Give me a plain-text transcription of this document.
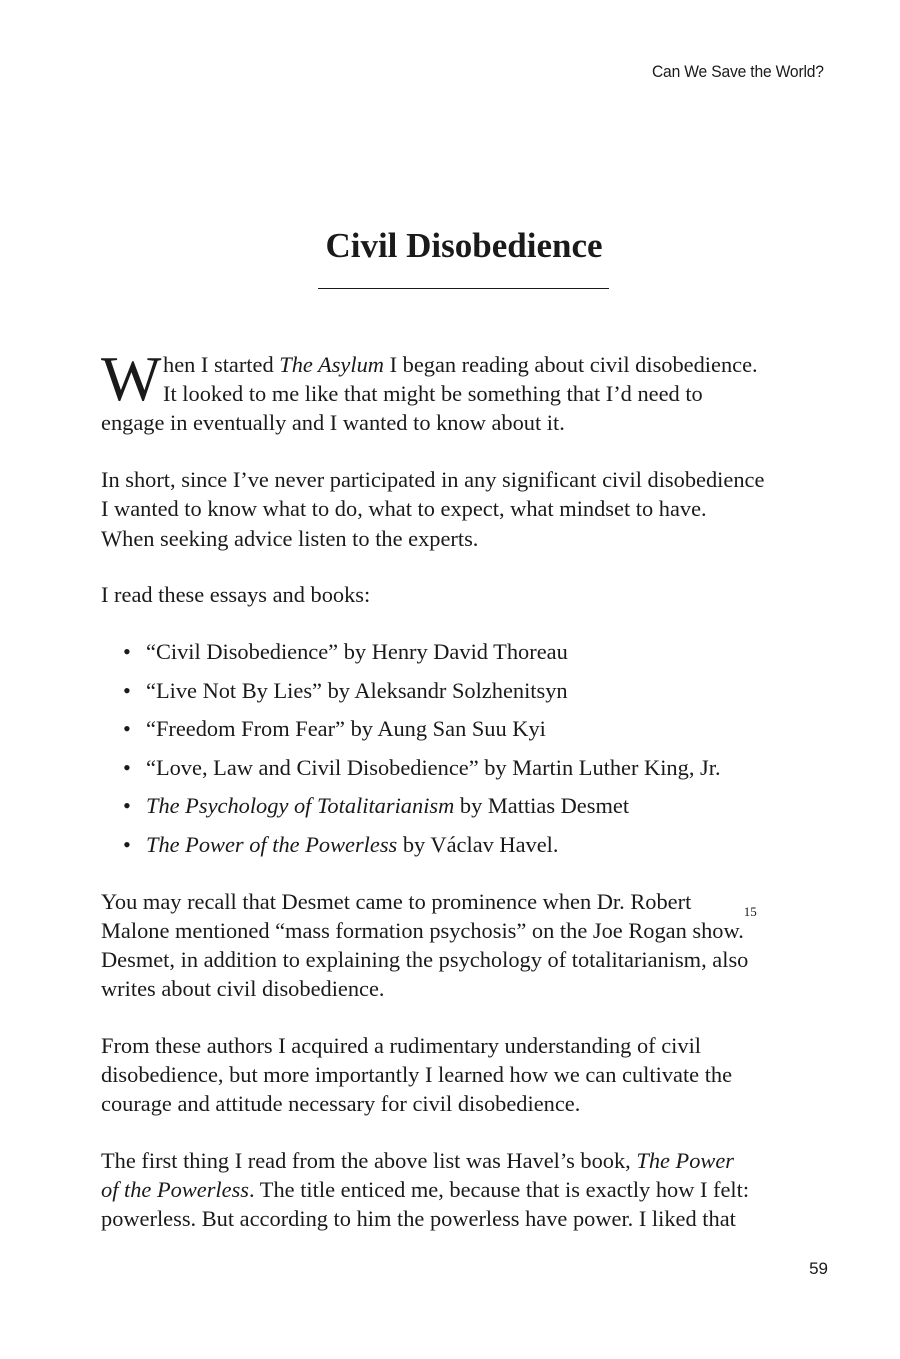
Can We Save the World?
Civil Disobedience

W hen I started The Asylum I began reading about civil disobedience.
It looked to me like that might be something that I’d need to
engage in eventually and I wanted to know about it.

In short, since I’ve never participated in any significant civil disobedience
I wanted to know what to do, what to expect, what mindset to have.
When seeking advice listen to the experts.

I read these essays and books:

• “Civil Disobedience” by Henry David Thoreau
• “Live Not By Lies” by Aleksandr Solzhenitsyn
• “Freedom From Fear” by Aung San Suu Kyi
• “Love, Law and Civil Disobedience” by Martin Luther King, Jr.
• The Psychology of Totalitarianism by Mattias Desmet
• The Power of the Powerless by Václav Havel.

You may recall that Desmet came to prominence when Dr. Robert
Malone mentioned “mass formation psychosis” on the Joe Rogan show.$^{15}$
Desmet, in addition to explaining the psychology of totalitarianism, also
writes about civil disobedience.

From these authors I acquired a rudimentary understanding of civil
disobedience, but more importantly I learned how we can cultivate the
courage and attitude necessary for civil disobedience.

The first thing I read from the above list was Havel’s book, The Power
of the Powerless. The title enticed me, because that is exactly how I felt:
powerless. But according to him the powerless have power. I liked that

59
